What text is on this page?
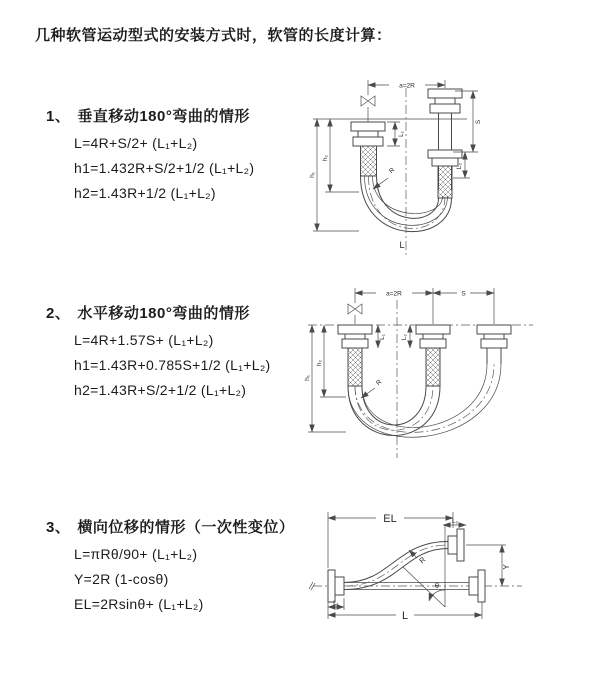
几种软管运动型式的安装方式时，软管的长度计算：
1、 垂直移动180°弯曲的情形
L=4R+S/2+ (L₁+L₂)
h1=1.432R+S/2+1/2 (L₁+L₂)
h2=1.43R+1/2 (L₁+L₂)
2、 水平移动180°弯曲的情形
L=4R+1.57S+ (L₁+L₂)
h1=1.43R+0.785S+1/2 (L₁+L₂)
h2=1.43R+S/2+1/2 (L₁+L₂)
3、 横向位移的情形（一次性变位）
L=πRθ/90+ (L₁+L₂)
Y=2R (1-cosθ)
EL=2Rsinθ+ (L₁+L₂)
a=2R
L₁
R
L
h₁
h₂
S
L₂
a=2R	S
L₁ L₂
h₁
h₂
R
EL	L₂
Y
R
θ
L₁
L
